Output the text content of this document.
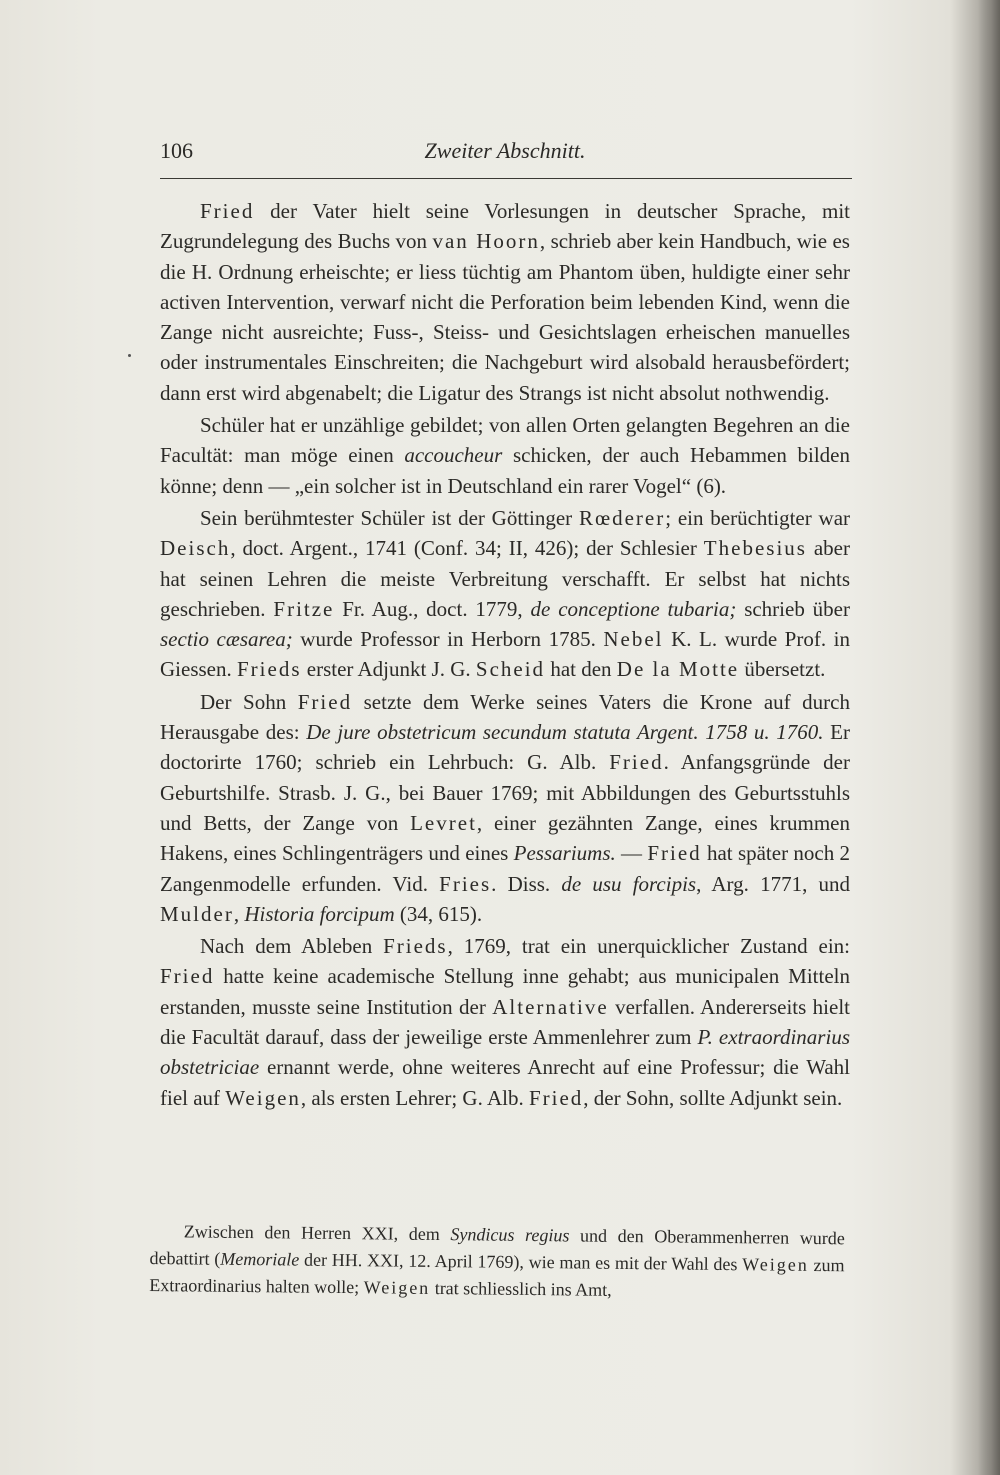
106	Zweiter Abschnitt.

Fried der Vater hielt seine Vorlesungen in deutscher Sprache, mit Zugrundelegung des Buchs von van Hoorn, schrieb aber kein Handbuch, wie es die H. Ordnung erheischte; er liess tüchtig am Phantom üben, huldigte einer sehr activen Intervention, verwarf nicht die Perforation beim lebenden Kind, wenn die Zange nicht ausreichte; Fuss-, Steiss- und Gesichtslagen erheischen manuelles oder instrumentales Einschreiten; die Nachgeburt wird alsobald herausbefördert; dann erst wird abgenabelt; die Ligatur des Strangs ist nicht absolut nothwendig.

Schüler hat er unzählige gebildet; von allen Orten gelangten Begehren an die Facultät: man möge einen accoucheur schicken, der auch Hebammen bilden könne; denn — „ein solcher ist in Deutschland ein rarer Vogel“ (6).

Sein berühmtester Schüler ist der Göttinger Rœderer; ein berüchtigter war Deisch, doct. Argent., 1741 (Conf. 34; II, 426); der Schlesier Thebesius aber hat seinen Lehren die meiste Verbreitung verschafft. Er selbst hat nichts geschrieben. Fritze Fr. Aug., doct. 1779, de conceptione tubaria; schrieb über sectio cæsarea; wurde Professor in Herborn 1785. Nebel K. L. wurde Prof. in Giessen. Frieds erster Adjunkt J. G. Scheid hat den De la Motte übersetzt.

Der Sohn Fried setzte dem Werke seines Vaters die Krone auf durch Herausgabe des: De jure obstetricum secundum statuta Argent. 1758 u. 1760. Er doctorirte 1760; schrieb ein Lehrbuch: G. Alb. Fried. Anfangsgründe der Geburtshilfe. Strasb. J. G., bei Bauer 1769; mit Abbildungen des Geburtsstuhls und Betts, der Zange von Levret, einer gezähnten Zange, eines krummen Hakens, eines Schlingenträgers und eines Pessariums. — Fried hat später noch 2 Zangenmodelle erfunden. Vid. Fries. Diss. de usu forcipis, Arg. 1771, und Mulder, Historia forcipum (34, 615).

Nach dem Ableben Frieds, 1769, trat ein unerquicklicher Zustand ein: Fried hatte keine academische Stellung inne gehabt; aus municipalen Mitteln erstanden, musste seine Institution der Alternative verfallen. Andererseits hielt die Facultät darauf, dass der jeweilige erste Ammenlehrer zum P. extraordinarius obstetriciae ernannt werde, ohne weiteres Anrecht auf eine Professur; die Wahl fiel auf Weigen, als ersten Lehrer; G. Alb. Fried, der Sohn, sollte Adjunkt sein.

Zwischen den Herren XXI, dem Syndicus regius und den Oberammenherren wurde debattirt (Memoriale der HH. XXI, 12. April 1769), wie man es mit der Wahl des Weigen zum Extraordinarius halten wolle; Weigen trat schliesslich ins Amt,
